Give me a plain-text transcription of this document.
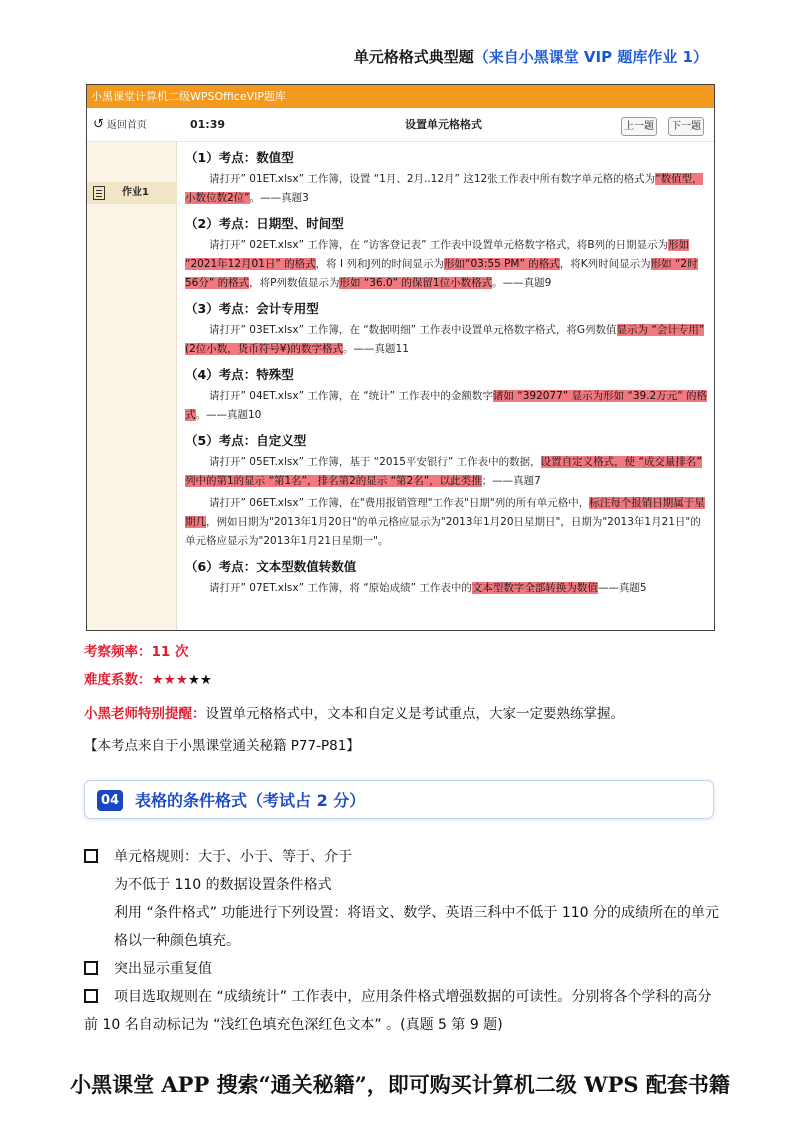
单元格格式典型题（来自小黑课堂 VIP 题库作业 1）
小黑课堂计算机二级WPSOfficeVIP题库
↺ 返回首页	01:39	设置单元格格式	上一题	下一题
作业1
（1）考点：数值型
请打开” 01ET.xlsx” 工作簿，设置 “1月、2月..12月” 这12张工作表中所有数字单元格的格式为“数值型，小数位数2位”。——真题3
（2）考点：日期型、时间型
请打开” 02ET.xlsx” 工作簿，在 “访客登记表” 工作表中设置单元格数字格式，将B列的日期显示为形如 “2021年12月01日” 的格式，将 I 列和J列的时间显示为形如“03:55 PM” 的格式，将K列时间显示为形如 “2时56分” 的格式，将P列数值显示为形如 “36.0” 的保留1位小数格式。——真题9
（3）考点：会计专用型
请打开” 03ET.xlsx” 工作簿，在 “数据明细” 工作表中设置单元格数字格式，将G列数值显示为 “会计专用” (2位小数，货币符号¥)的数字格式。——真题11
（4）考点：特殊型
请打开” 04ET.xlsx” 工作簿，在 “统计” 工作表中的金额数字诸如 “392077” 显示为形如 “39.2万元” 的格式。——真题10
（5）考点：自定义型
请打开” 05ET.xlsx” 工作簿，基于 “2015平安银行” 工作表中的数据，设置自定义格式，使 “成交量排名” 列中的第1的显示 “第1名”，排名第2的显示 “第2名”，以此类推；——真题7
请打开” 06ET.xlsx” 工作簿，在"费用报销管理"工作表"日期"列的所有单元格中，标注每个报销日期属于星期几，例如日期为"2013年1月20日"的单元格应显示为"2013年1月20日星期日"，日期为"2013年1月21日"的单元格应显示为"2013年1月21日星期一"。
（6）考点：文本型数值转数值
请打开” 07ET.xlsx” 工作簿，将 “原始成绩” 工作表中的文本型数字全部转换为数值——真题5
考察频率：11 次
难度系数：★★★★★
小黑老师特别提醒：设置单元格格式中，文本和自定义是考试重点，大家一定要熟练掌握。
【本考点来自于小黑课堂通关秘籍 P77-P81】
04 表格的条件格式（考试占 2 分）
单元格规则：大于、小于、等于、介于
为不低于 110 的数据设置条件格式
利用 “条件格式” 功能进行下列设置：将语文、数学、英语三科中不低于 110 分的成绩所在的单元格以一种颜色填充。
突出显示重复值
项目选取规则在 “成绩统计” 工作表中，应用条件格式增强数据的可读性。分别将各个学科的高分前 10 名自动标记为 “浅红色填充色深红色文本” 。(真题 5 第 9 题)
小黑课堂 APP 搜索“通关秘籍”，即可购买计算机二级 WPS 配套书籍
